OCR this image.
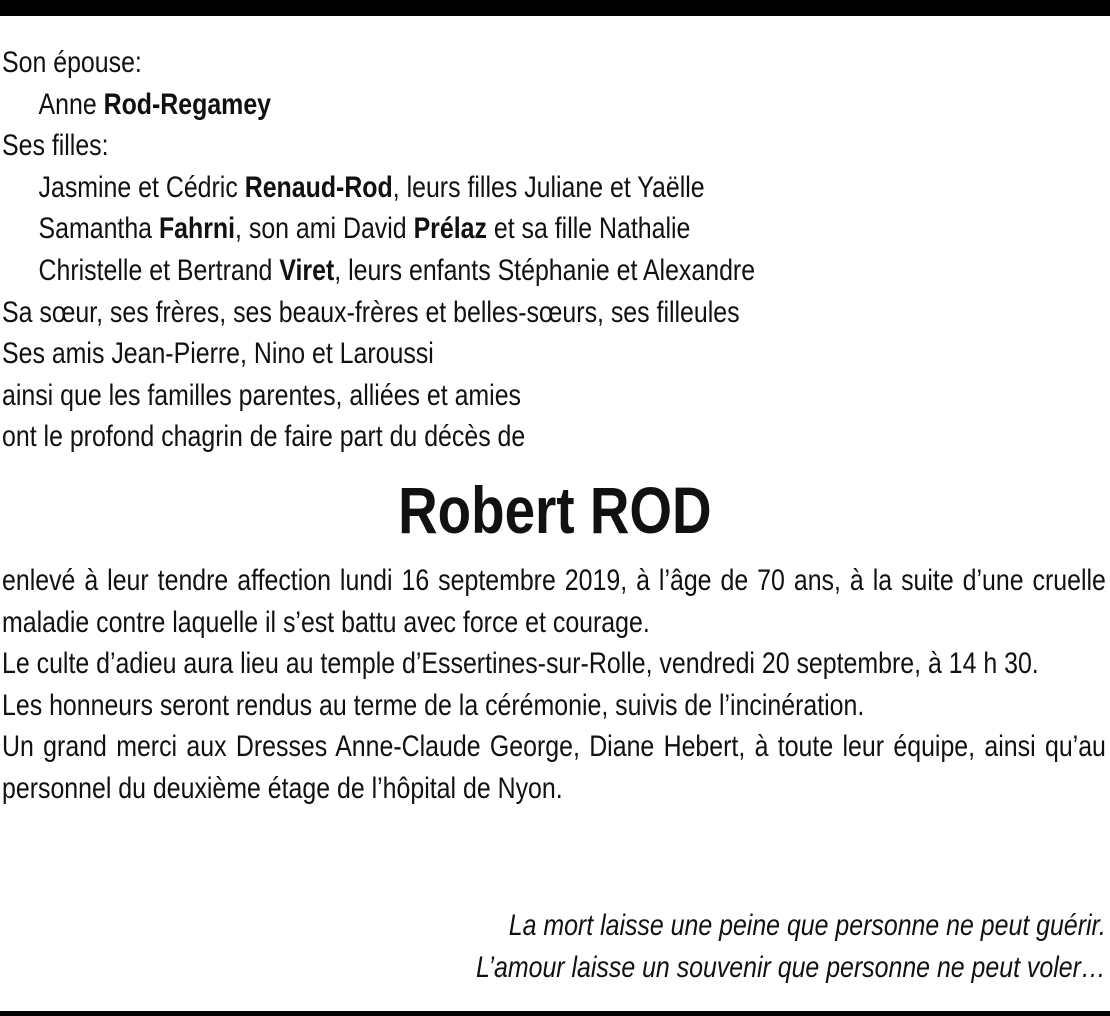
Son épouse:
Anne Rod-Regamey
Ses filles:
Jasmine et Cédric Renaud-Rod, leurs filles Juliane et Yaëlle
Samantha Fahrni, son ami David Prélaz et sa fille Nathalie
Christelle et Bertrand Viret, leurs enfants Stéphanie et Alexandre
Sa sœur, ses frères, ses beaux-frères et belles-sœurs, ses filleules
Ses amis Jean-Pierre, Nino et Laroussi
ainsi que les familles parentes, alliées et amies
ont le profond chagrin de faire part du décès de
Robert ROD

enlevé à leur tendre affection lundi 16 septembre 2019, à l’âge de 70 ans, à la suite d’une cruelle maladie contre laquelle il s’est battu avec force et courage.

Le culte d’adieu aura lieu au temple d’Essertines-sur-Rolle, vendredi 20 septembre, à 14 h 30.

Les honneurs seront rendus au terme de la cérémonie, suivis de l’incinération.

Un grand merci aux Dresses Anne-Claude George, Diane Hebert, à toute leur équipe, ainsi qu’au personnel du deuxième étage de l’hôpital de Nyon.

La mort laisse une peine que personne ne peut guérir.
L’amour laisse un souvenir que personne ne peut voler…
